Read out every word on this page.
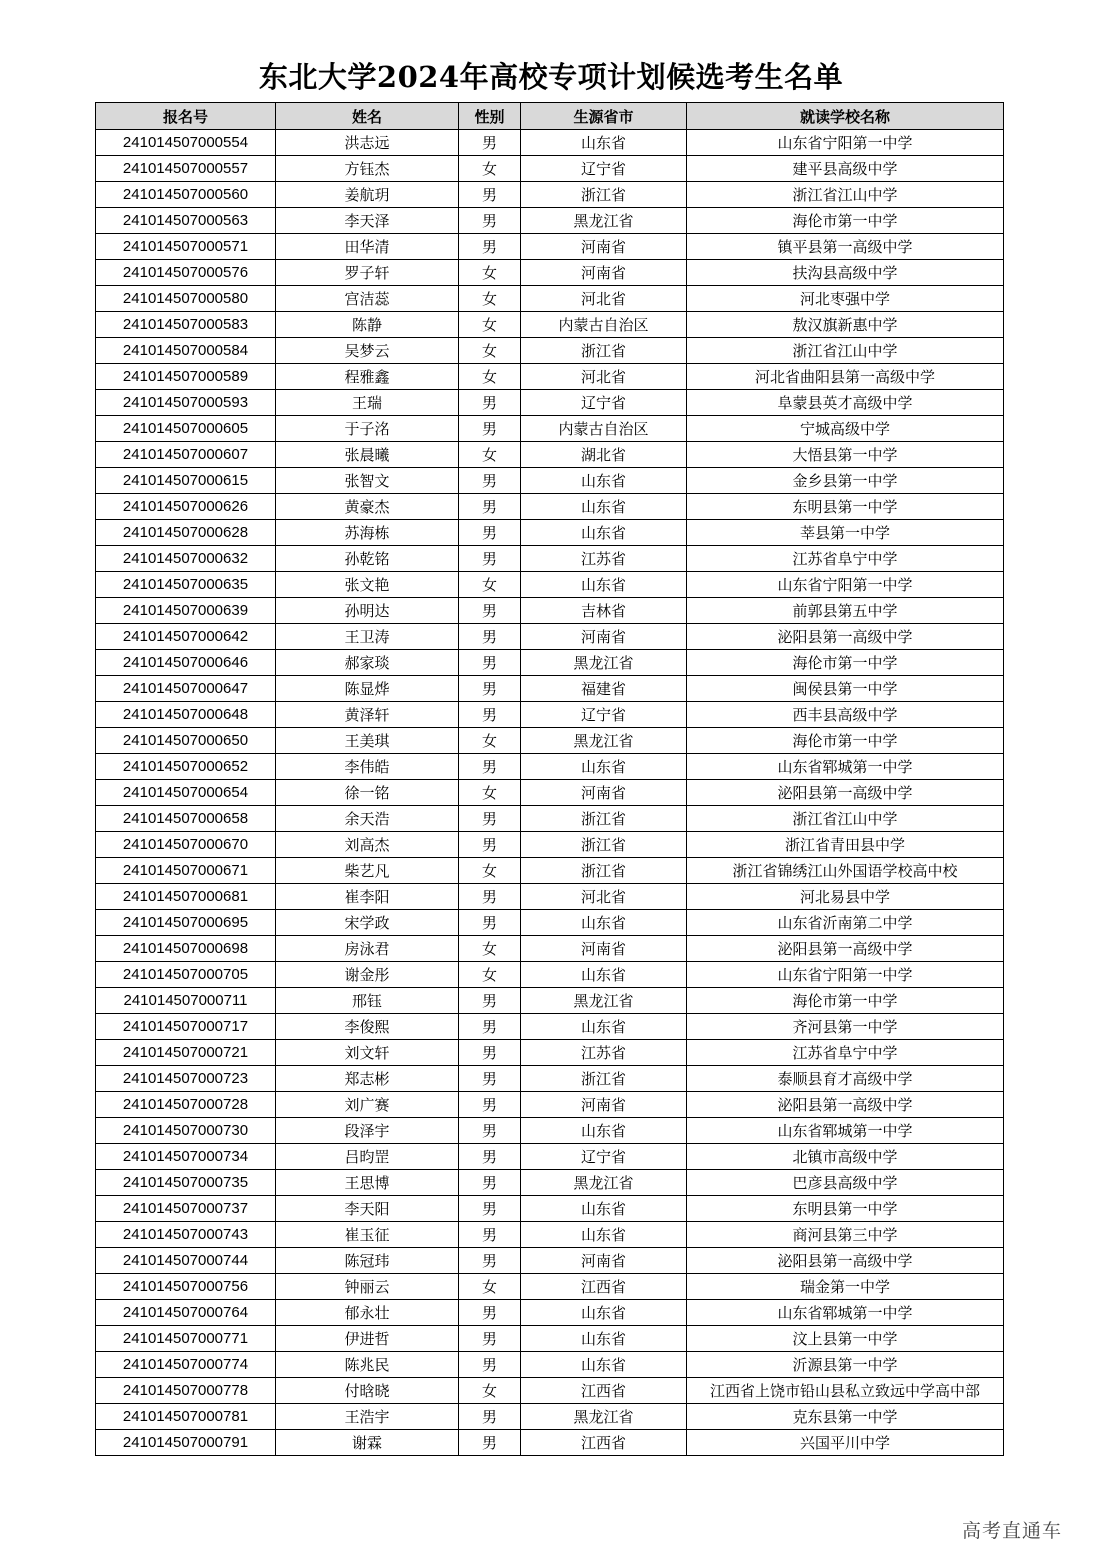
东北大学2024年高校专项计划候选考生名单
报名号	姓名	性别	生源省市	就读学校名称
241014507000554	洪志远	男	山东省	山东省宁阳第一中学
241014507000557	方钰杰	女	辽宁省	建平县高级中学
241014507000560	姜航玥	男	浙江省	浙江省江山中学
241014507000563	李天泽	男	黑龙江省	海伦市第一中学
241014507000571	田华清	男	河南省	镇平县第一高级中学
241014507000576	罗子轩	女	河南省	扶沟县高级中学
241014507000580	宫洁蕊	女	河北省	河北枣强中学
241014507000583	陈静	女	内蒙古自治区	敖汉旗新惠中学
241014507000584	吴梦云	女	浙江省	浙江省江山中学
241014507000589	程雅鑫	女	河北省	河北省曲阳县第一高级中学
241014507000593	王瑞	男	辽宁省	阜蒙县英才高级中学
241014507000605	于子洺	男	内蒙古自治区	宁城高级中学
241014507000607	张晨曦	女	湖北省	大悟县第一中学
241014507000615	张智文	男	山东省	金乡县第一中学
241014507000626	黄豪杰	男	山东省	东明县第一中学
241014507000628	苏海栋	男	山东省	莘县第一中学
241014507000632	孙乾铭	男	江苏省	江苏省阜宁中学
241014507000635	张文艳	女	山东省	山东省宁阳第一中学
241014507000639	孙明达	男	吉林省	前郭县第五中学
241014507000642	王卫涛	男	河南省	泌阳县第一高级中学
241014507000646	郝家琰	男	黑龙江省	海伦市第一中学
241014507000647	陈显烨	男	福建省	闽侯县第一中学
241014507000648	黄泽轩	男	辽宁省	西丰县高级中学
241014507000650	王美琪	女	黑龙江省	海伦市第一中学
241014507000652	李伟皓	男	山东省	山东省郓城第一中学
241014507000654	徐一铭	女	河南省	泌阳县第一高级中学
241014507000658	余天浩	男	浙江省	浙江省江山中学
241014507000670	刘高杰	男	浙江省	浙江省青田县中学
241014507000671	柴艺凡	女	浙江省	浙江省锦绣江山外国语学校高中校
241014507000681	崔李阳	男	河北省	河北易县中学
241014507000695	宋学政	男	山东省	山东省沂南第二中学
241014507000698	房泳君	女	河南省	泌阳县第一高级中学
241014507000705	谢金彤	女	山东省	山东省宁阳第一中学
241014507000711	邢钰	男	黑龙江省	海伦市第一中学
241014507000717	李俊熙	男	山东省	齐河县第一中学
241014507000721	刘文轩	男	江苏省	江苏省阜宁中学
241014507000723	郑志彬	男	浙江省	泰顺县育才高级中学
241014507000728	刘广赛	男	河南省	泌阳县第一高级中学
241014507000730	段泽宇	男	山东省	山东省郓城第一中学
241014507000734	吕昀罡	男	辽宁省	北镇市高级中学
241014507000735	王思博	男	黑龙江省	巴彦县高级中学
241014507000737	李天阳	男	山东省	东明县第一中学
241014507000743	崔玉征	男	山东省	商河县第三中学
241014507000744	陈冠玮	男	河南省	泌阳县第一高级中学
241014507000756	钟丽云	女	江西省	瑞金第一中学
241014507000764	郁永壮	男	山东省	山东省郓城第一中学
241014507000771	伊进哲	男	山东省	汶上县第一中学
241014507000774	陈兆民	男	山东省	沂源县第一中学
241014507000778	付晗晓	女	江西省	江西省上饶市铅山县私立致远中学高中部
241014507000781	王浩宇	男	黑龙江省	克东县第一中学
241014507000791	谢霖	男	江西省	兴国平川中学
高考直通车
